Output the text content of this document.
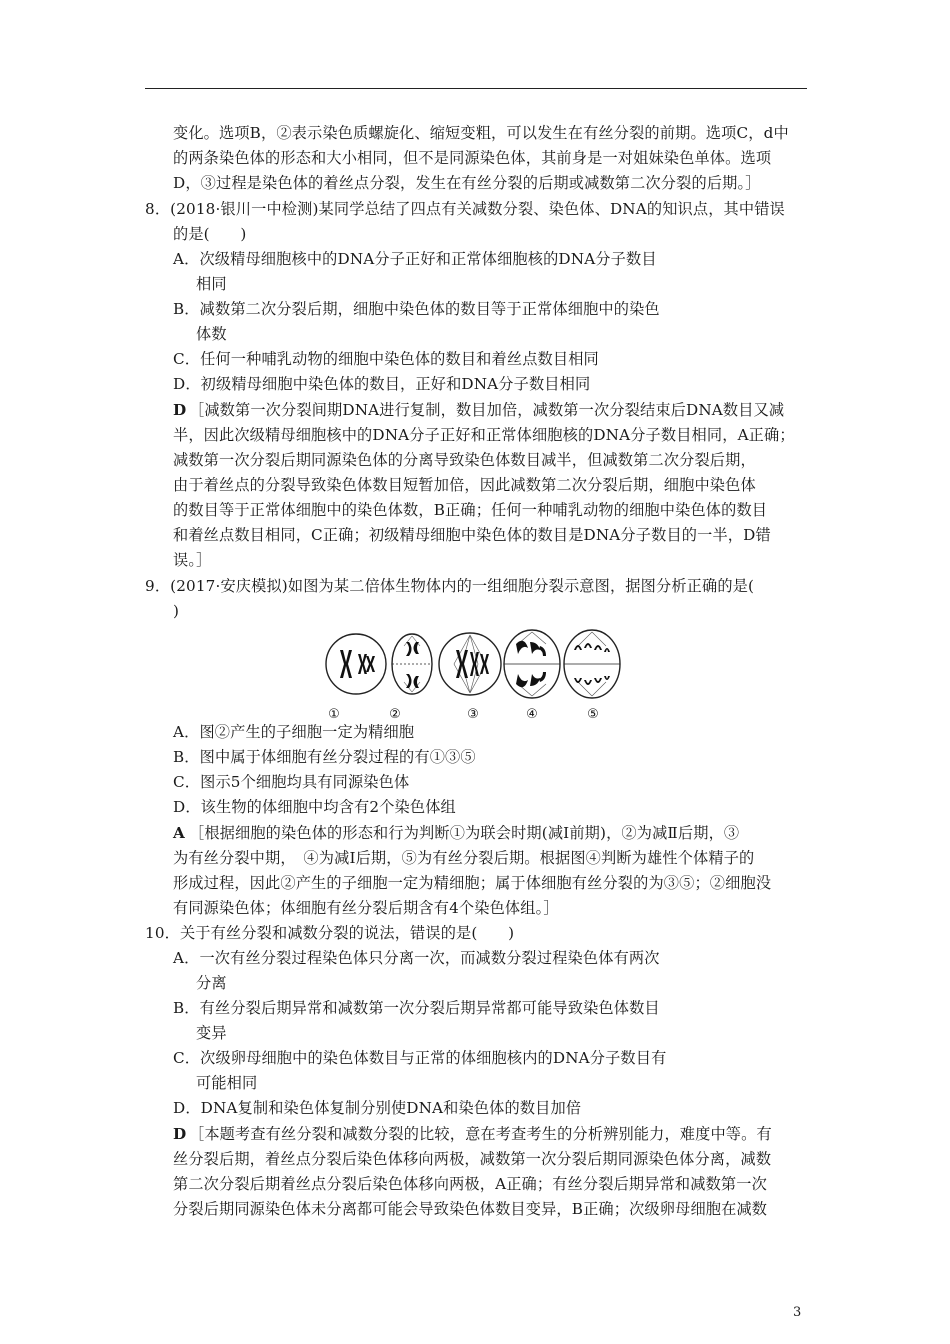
变化。选项B，②表示染色质螺旋化、缩短变粗，可以发生在有丝分裂的前期。选项C，d中
的两条染色体的形态和大小相同，但不是同源染色体，其前身是一对姐妹染色单体。选项
D，③过程是染色体的着丝点分裂，发生在有丝分裂的后期或减数第二次分裂的后期。］
8．(2018·银川一中检测)某同学总结了四点有关减数分裂、染色体、DNA的知识点，其中错误
的是(　　)
A．次级精母细胞核中的DNA分子正好和正常体细胞核的DNA分子数目
相同
B．减数第二次分裂后期，细胞中染色体的数目等于正常体细胞中的染色
体数
C．任何一种哺乳动物的细胞中染色体的数目和着丝点数目相同
D．初级精母细胞中染色体的数目，正好和DNA分子数目相同
D ［减数第一次分裂间期DNA进行复制，数目加倍，减数第一次分裂结束后DNA数目又减
半，因此次级精母细胞核中的DNA分子正好和正常体细胞核的DNA分子数目相同，A正确；
减数第一次分裂后期同源染色体的分离导致染色体数目减半，但减数第二次分裂后期，
由于着丝点的分裂导致染色体数目短暂加倍，因此减数第二次分裂后期，细胞中染色体
的数目等于正常体细胞中的染色体数，B正确；任何一种哺乳动物的细胞中染色体的数目
和着丝点数目相同，C正确；初级精母细胞中染色体的数目是DNA分子数目的一半，D错
误。］
9．(2017·安庆模拟)如图为某二倍体生物体内的一组细胞分裂示意图，据图分析正确的是(
)
①	②	③	④	⑤
A．图②产生的子细胞一定为精细胞
B．图中属于体细胞有丝分裂过程的有①③⑤
C．图示5个细胞均具有同源染色体
D．该生物的体细胞中均含有2个染色体组
A ［根据细胞的染色体的形态和行为判断①为联会时期(减Ⅰ前期)，②为减Ⅱ后期，③
为有丝分裂中期，　④为减Ⅰ后期，⑤为有丝分裂后期。根据图④判断为雄性个体精子的
形成过程，因此②产生的子细胞一定为精细胞；属于体细胞有丝分裂的为③⑤；②细胞没
有同源染色体；体细胞有丝分裂后期含有4个染色体组。］
10．关于有丝分裂和减数分裂的说法，错误的是(　　)
A．一次有丝分裂过程染色体只分离一次，而减数分裂过程染色体有两次
分离
B．有丝分裂后期异常和减数第一次分裂后期异常都可能导致染色体数目
变异
C．次级卵母细胞中的染色体数目与正常的体细胞核内的DNA分子数目有
可能相同
D．DNA复制和染色体复制分别使DNA和染色体的数目加倍
D ［本题考查有丝分裂和减数分裂的比较，意在考查考生的分析辨别能力，难度中等。有
丝分裂后期，着丝点分裂后染色体移向两极，减数第一次分裂后期同源染色体分离，减数
第二次分裂后期着丝点分裂后染色体移向两极，A正确；有丝分裂后期异常和减数第一次
分裂后期同源染色体未分离都可能会导致染色体数目变异，B正确；次级卵母细胞在减数
3
